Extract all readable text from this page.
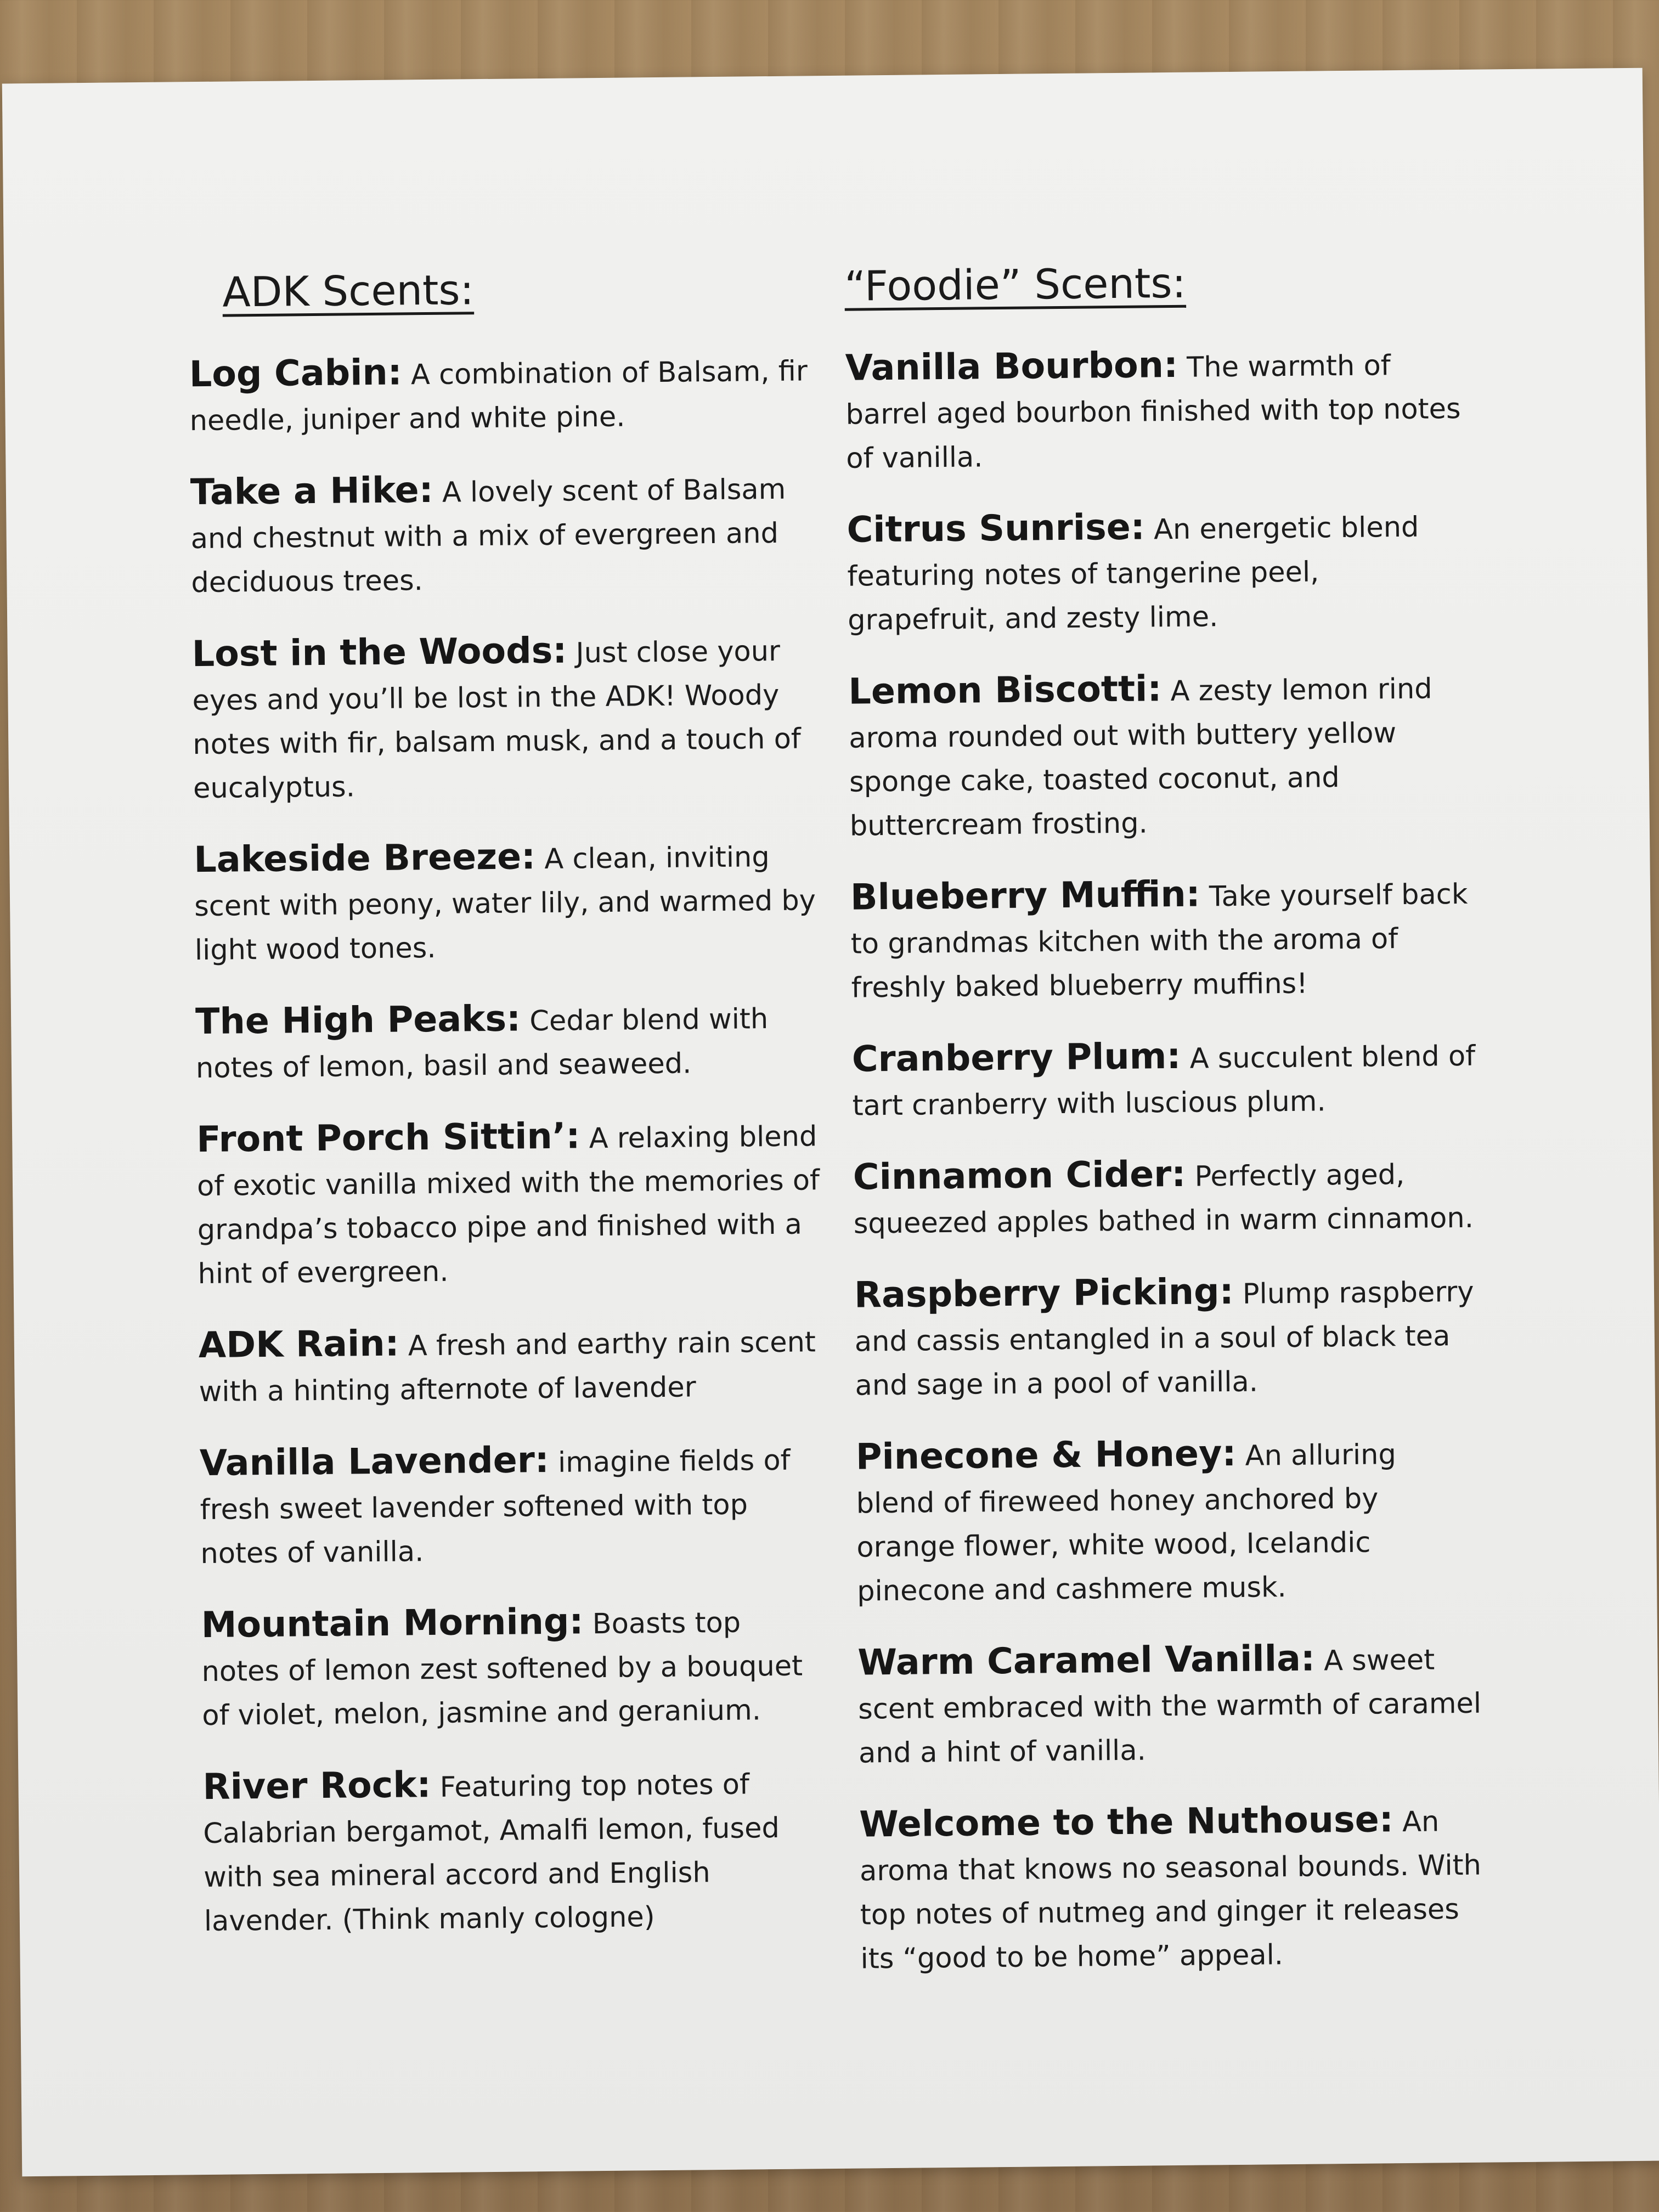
ADK Scents:

Log Cabin: A combination of Balsam, fir needle, juniper and white pine.

Take a Hike: A lovely scent of Balsam and chestnut with a mix of evergreen and deciduous trees.

Lost in the Woods: Just close your eyes and you’ll be lost in the ADK! Woody notes with fir, balsam musk, and a touch of eucalyptus.

Lakeside Breeze: A clean, inviting scent with peony, water lily, and warmed by light wood tones.

The High Peaks: Cedar blend with notes of lemon, basil and seaweed.

Front Porch Sittin’: A relaxing blend of exotic vanilla mixed with the memories of grandpa’s tobacco pipe and finished with a hint of evergreen.

ADK Rain: A fresh and earthy rain scent with a hinting afternote of lavender

Vanilla Lavender: imagine fields of fresh sweet lavender softened with top notes of vanilla.

Mountain Morning: Boasts top notes of lemon zest softened by a bouquet of violet, melon, jasmine and geranium.

River Rock: Featuring top notes of Calabrian bergamot, Amalfi lemon, fused with sea mineral accord and English lavender. (Think manly cologne)

“Foodie” Scents:

Vanilla Bourbon: The warmth of barrel aged bourbon finished with top notes of vanilla.

Citrus Sunrise: An energetic blend featuring notes of tangerine peel, grapefruit, and zesty lime.

Lemon Biscotti: A zesty lemon rind aroma rounded out with buttery yellow sponge cake, toasted coconut, and buttercream frosting.

Blueberry Muffin: Take yourself back to grandmas kitchen with the aroma of freshly baked blueberry muffins!

Cranberry Plum: A succulent blend of tart cranberry with luscious plum.

Cinnamon Cider: Perfectly aged, squeezed apples bathed in warm cinnamon.

Raspberry Picking: Plump raspberry and cassis entangled in a soul of black tea and sage in a pool of vanilla.

Pinecone & Honey: An alluring blend of fireweed honey anchored by orange flower, white wood, Icelandic pinecone and cashmere musk.

Warm Caramel Vanilla: A sweet scent embraced with the warmth of caramel and a hint of vanilla.

Welcome to the Nuthouse: An aroma that knows no seasonal bounds. With top notes of nutmeg and ginger it releases its “good to be home” appeal.
